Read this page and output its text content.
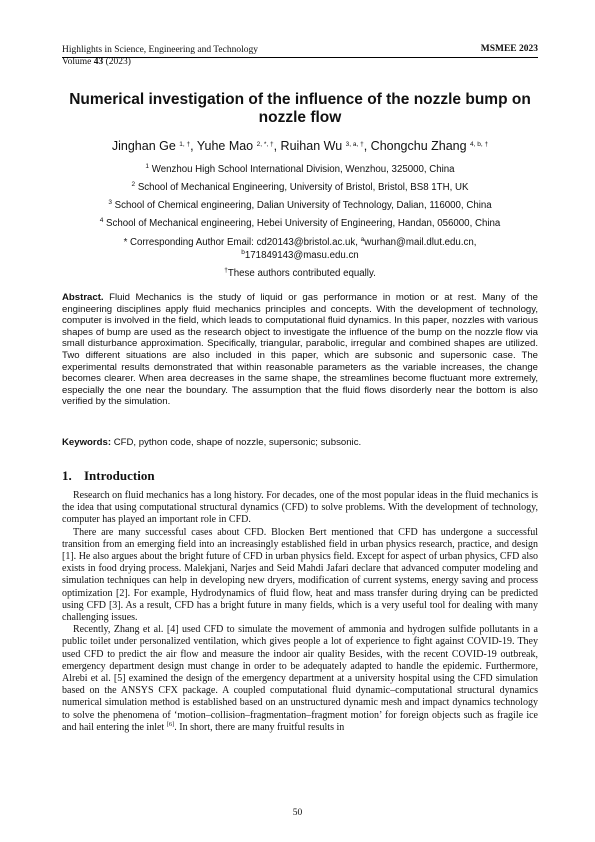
Highlights in Science, Engineering and Technology
Volume 43 (2023)
MSMEE 2023
Numerical investigation of the influence of the nozzle bump on nozzle flow
Jinghan Ge $^{1, \dagger}$, Yuhe Mao $^{2, *, \dagger}$, Ruihan Wu $^{3, a, \dagger}$, Chongchu Zhang $^{4, b, \dagger}$
$^1$ Wenzhou High School International Division, Wenzhou, 325000, China
$^2$ School of Mechanical Engineering, University of Bristol, Bristol, BS8 1TH, UK
$^3$ School of Chemical engineering, Dalian University of Technology, Dalian, 116000, China
$^4$ School of Mechanical engineering, Hebei University of Engineering, Handan, 056000, China
* Corresponding Author Email: cd20143@bristol.ac.uk, $^a$wurhan@mail.dlut.edu.cn,
$^b$171849143@masu.edu.cn
†These authors contributed equally.
Abstract. Fluid Mechanics is the study of liquid or gas performance in motion or at rest. Many of the engineering disciplines apply fluid mechanics principles and concepts. With the development of technology, computer is involved in the field, which leads to computational fluid dynamics. In this paper, nozzles with various shapes of bump are used as the research object to investigate the influence of the bump on the nozzle flow via small disturbance approximation. Specifically, triangular, parabolic, irregular and combined shapes are utilized. Two different situations are also included in this paper, which are subsonic and supersonic case. The experimental results demonstrated that within reasonable parameters as the variable increases, the change becomes clearer. When area decreases in the same shape, the streamlines become fluctuant more extremely, especially the one near the boundary. The assumption that the fluid flows disorderly near the bottom is also verified by the simulation.
Keywords: CFD, python code, shape of nozzle, supersonic; subsonic.
1. Introduction

Research on fluid mechanics has a long history. For decades, one of the most popular ideas in the fluid mechanics is the idea that using computational structural dynamics (CFD) to solve problems. With the development of technology, computer has played an important role in CFD.

There are many successful cases about CFD. Blocken Bert mentioned that CFD has undergone a successful transition from an emerging field into an increasingly established field in urban physics research, practice, and design [1]. He also argues about the bright future of CFD in urban physics field. Except for aspect of urban physics, CFD also exists in food drying process. Malekjani, Narjes and Seid Mahdi Jafari declare that advanced computer modeling and simulation techniques can help in developing new dryers, modification of current systems, energy saving and process optimization [2]. For example, Hydrodynamics of fluid flow, heat and mass transfer during drying can be predicted using CFD [3]. As a result, CFD has a bright future in many fields, which is a very useful tool for dealing with many challenging issues.

Recently, Zhang et al. [4] used CFD to simulate the movement of ammonia and hydrogen sulfide pollutants in a public toilet under personalized ventilation, which gives people a lot of experience to fight against COVID-19. They used CFD to predict the air flow and measure the indoor air quality Besides, with the recent COVID-19 outbreak, emergency department design must change in order to be adequately adapted to handle the epidemic. Furthermore, Alrebi et al. [5] examined the design of the emergency department at a university hospital using the CFD simulation based on the ANSYS CFX package. A coupled computational fluid dynamic–computational structural dynamics numerical simulation method is established based on an unstructured dynamic mesh and impact dynamics technology to solve the phenomena of ‘motion–collision–fragmentation–fragment motion’ for foreign objects such as fragile ice and hail entering the inlet [6]. In short, there are many fruitful results in

50
